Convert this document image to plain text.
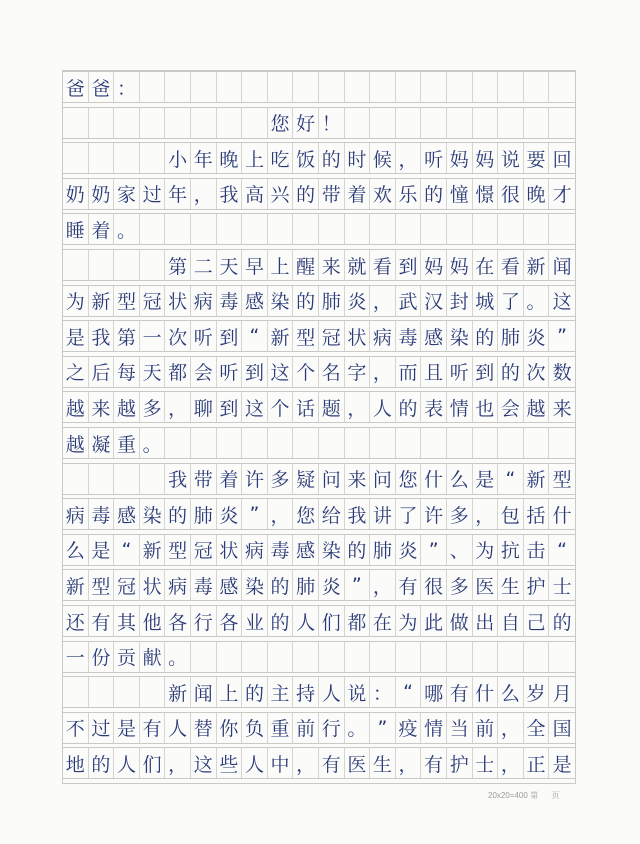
爸 爸 ：
您 好 ！
小 年 晚 上 吃 饭 的 时 候 ， 听 妈 妈 说 要 回
奶 奶 家 过 年 ， 我 高 兴 的 带 着 欢 乐 的 憧 憬 很 晚 才
睡 着 。
第 二 天 早 上 醒 来 就 看 到 妈 妈 在 看 新 闻
为 新 型 冠 状 病 毒 感 染 的 肺 炎 ， 武 汉 封 城 了 。 这
是 我 第 一 次 听 到 “ 新 型 冠 状 病 毒 感 染 的 肺 炎 ”
之 后 每 天 都 会 听 到 这 个 名 字 ， 而 且 听 到 的 次 数
越 来 越 多 ， 聊 到 这 个 话 题 ， 人 的 表 情 也 会 越 来
越 凝 重 。
我 带 着 许 多 疑 问 来 问 您 什 么 是 “ 新 型
病 毒 感 染 的 肺 炎 ” ， 您 给 我 讲 了 许 多 ， 包 括 什
么 是 “ 新 型 冠 状 病 毒 感 染 的 肺 炎 ” 、 为 抗 击 “
新 型 冠 状 病 毒 感 染 的 肺 炎 ” ， 有 很 多 医 生 护 士
还 有 其 他 各 行 各 业 的 人 们 都 在 为 此 做 出 自 己 的
一 份 贡 献 。
新 闻 上 的 主 持 人 说 ： “ 哪 有 什 么 岁 月
不 过 是 有 人 替 你 负 重 前 行 。 ” 疫 情 当 前 ， 全 国
地 的 人 们 ， 这 些 人 中 ， 有 医 生 ， 有 护 士 ， 正 是
20x20=400 第 页
